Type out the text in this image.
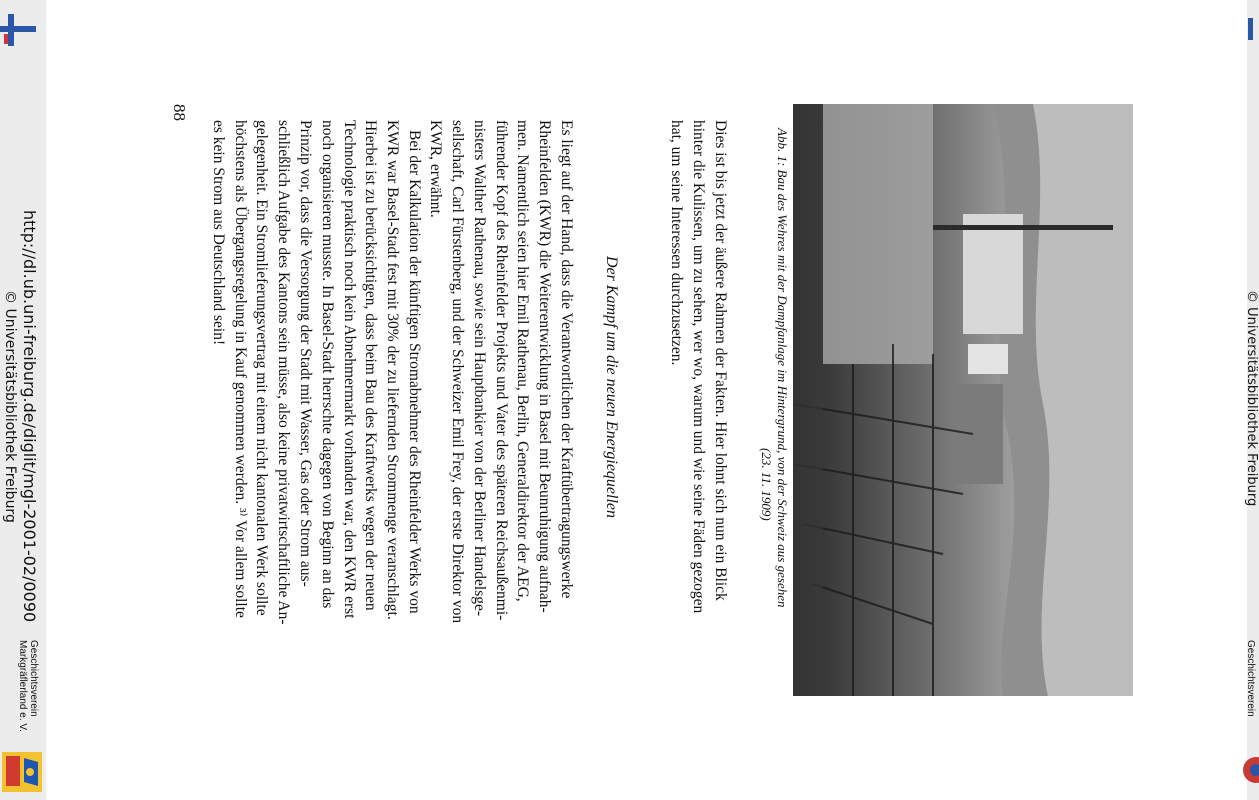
http://dl.ub.uni-freiburg.de/diglit/mgl-2001-02/0090
© Universitätsbibliothek Freiburg
Geschichtsverein
Markgräflerland e. V.
© Universitätsbibliothek Freiburg
Geschichtsverein
88
Abb. 1: Bau des Wehres mit der Dampfanlage im Hintergrund, von der Schweiz aus gesehen
(23. 11. 1909)
Dies ist bis jetzt der äußere Rahmen der Fakten. Hier lohnt sich nun ein Blick
hinter die Kulissen, um zu sehen, wer wo, warum und wie seine Fäden gezogen
hat, um seine Interessen durchzusetzen.
Der Kampf um die neuen Energiequellen
Es liegt auf der Hand, dass die Verantwortlichen der Kraftübertragungswerke
Rheinfelden (KWR) die Weiterentwicklung in Basel mit Beunruhigung aufnah-
men. Namentlich seien hier Emil Rathenau, Berlin, Generaldirektor der AEG,
führender Kopf des Rheinfelder Projekts und Vater des späteren Reichsaußenmi-
nisters Walther Rathenau, sowie sein Hauptbankier von der Berliner Handelsge-
sellschaft, Carl Fürstenberg, und der Schweizer Emil Frey, der erste Direktor von
KWR, erwähnt.
Bei der Kalkulation der künftigen Stromabnehmer des Rheinfelder Werks von
KWR war Basel-Stadt fest mit 30% der zu liefernden Strommenge veranschlagt.
Hierbei ist zu berücksichtigen, dass beim Bau des Kraftwerks wegen der neuen
Technologie praktisch noch kein Abnehmermarkt vorhanden war, den KWR erst
noch organisieren musste. In Basel-Stadt herrschte dagegen von Beginn an das
Prinzip vor, dass die Versorgung der Stadt mit Wasser, Gas oder Strom aus-
schließlich Aufgabe des Kantons sein müsse, also keine privatwirtschaftliche An-
gelegenheit. Ein Stromlieferungsvertrag mit einem nicht kantonalen Werk sollte
höchstens als Übergangsregelung in Kauf genommen werden. ³⁾ Vor allem sollte
es kein Strom aus Deutschland sein!
